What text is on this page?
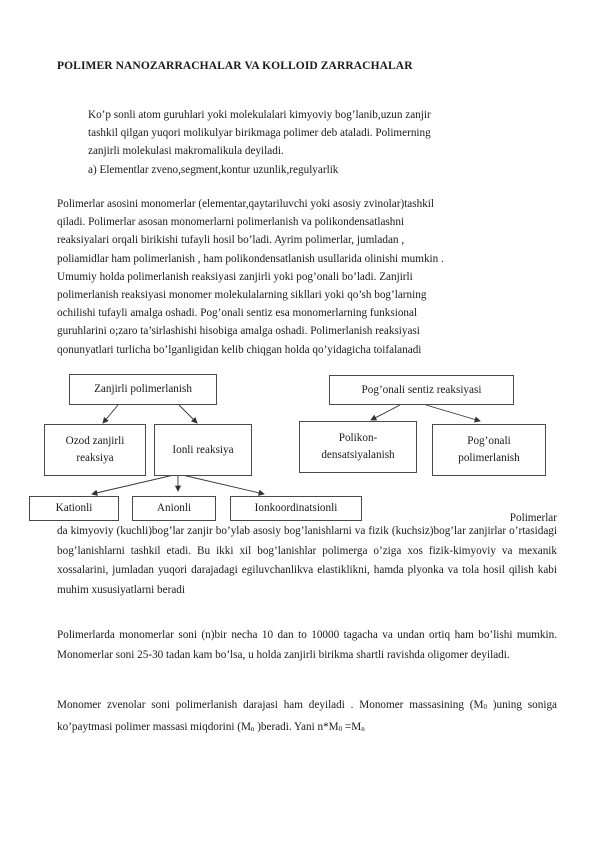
POLIMER NANOZARRACHALAR VA KOLLOID ZARRACHALAR
Ko’p sonli atom guruhlari yoki molekulalari kimyoviy bog’lanib,uzun zanjir
tashkil qilgan yuqori molikulyar birikmaga polimer deb ataladi. Polimerning
zanjirli molekulasi makromalikula deyiladi.
a) Elementlar zveno,segment,kontur uzunlik,regulyarlik
Polimerlar asosini monomerlar (elementar,qaytariluvchi yoki asosiy zvinolar)tashkil
qiladi. Polimerlar asosan monomerlarni polimerlanish va polikondensatlashni
reaksiyalari orqali birikishi tufayli hosil bo’ladi. Ayrim polimerlar, jumladan ,
poliamidlar ham polimerlanish , ham polikondensatlanish usullarida olinishi mumkin .
Umumiy holda polimerlanish reaksiyasi zanjirli yoki pog’onali bo’ladi. Zanjirli
polimerlanish reaksiyasi monomer molekulalarning sikllari yoki qo’sh bog’larning
ochilishi tufayli amalga oshadi. Pog’onali sentiz esa monomerlarning funksional
guruhlarini o;zaro ta’sirlashishi hisobiga amalga oshadi. Polimerlanish reaksiyasi
qonunyatlari turlicha bo’lganligidan kelib chiqgan holda qo’yidagicha toifalanadi
Zanjirli polimerlanish	Pog’onali sentiz reaksiyasi
Ozod zanjirli reaksiya
Ionli reaksiya
Polikon-densatsiyalanish
Pog’onali polimerlanish
Kationli	Anionli	Ionkoordinatsionli
Polimerlar
da kimyoviy (kuchli)bog’lar zanjir bo’ylab asosiy bog’lanishlarni va fizik (kuchsiz)bog’lar zanjirlar o’rtasidagi bog’lanishlarni tashkil etadi. Bu ikki xil bog’lanishlar polimerga o’ziga xos fizik-kimyoviy va mexanik xossalarini, jumladan yuqori darajadagi egiluvchanlikva elastiklikni, hamda plyonka va tola hosil qilish kabi muhim xususiyatlarni beradi
Polimerlarda monomerlar soni (n)bir necha 10 dan to 10000 tagacha va undan ortiq ham bo’lishi mumkin. Monomerlar soni 25-30 tadan kam bo’lsa, u holda zanjirli birikma shartli ravishda oligomer deyiladi.
Monomer zvenolar soni polimerlanish darajasi ham deyiladi . Monomer massasining ($M_0$ )uning soniga ko’paytmasi polimer massasi miqdorini ($M_n$ )beradi. Yani $n*M_0 =M_n$
